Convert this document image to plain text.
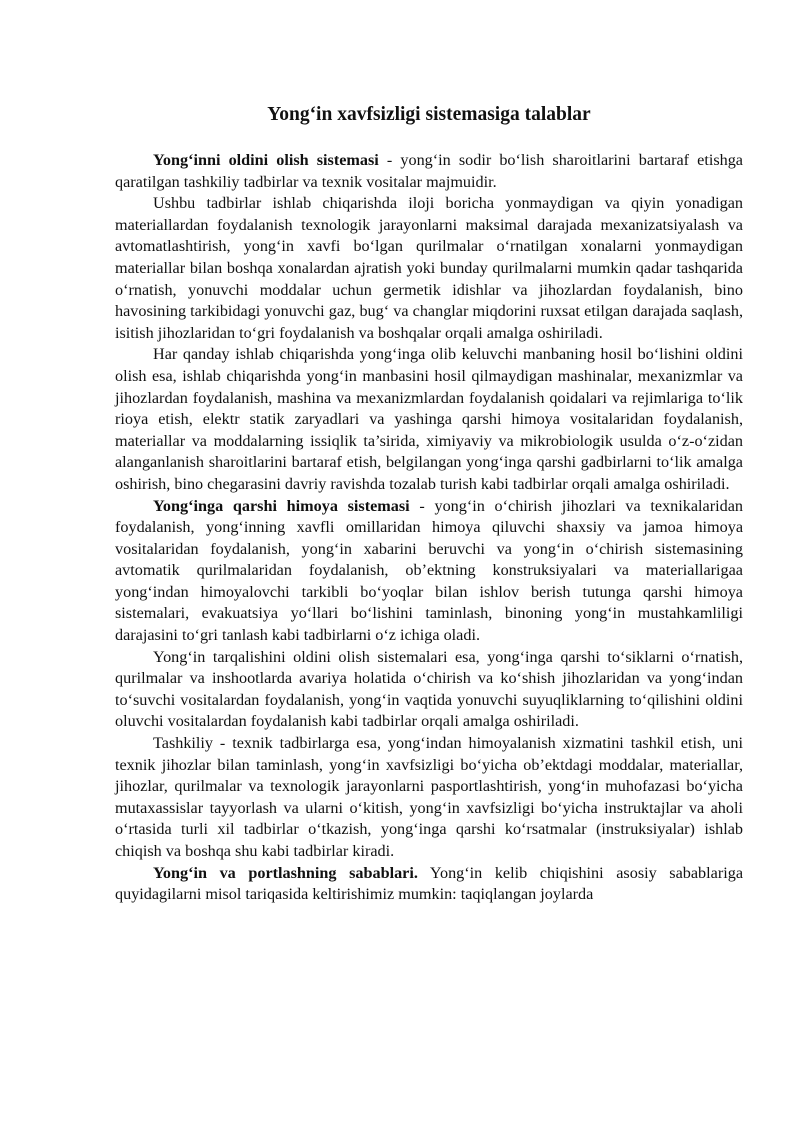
Yong‘in xavfsizligi sistemasiga talablar

Yong‘inni oldini olish sistemasi - yong‘in sodir bo‘lish sharoitlarini bartaraf etishga qaratilgan tashkiliy tadbirlar va texnik vositalar majmuidir.

Ushbu tadbirlar ishlab chiqarishda iloji boricha yonmaydigan va qiyin yonadigan materiallardan foydalanish texnologik jarayonlarni maksimal darajada mexanizatsiyalash va avtomatlashtirish, yong‘in xavfi bo‘lgan qurilmalar o‘rnatilgan xonalarni yonmaydigan materiallar bilan boshqa xonalardan ajratish yoki bunday qurilmalarni mumkin qadar tashqarida o‘rnatish, yonuvchi moddalar uchun germetik idishlar va jihozlardan foydalanish, bino havosining tarkibidagi yonuvchi gaz, bug‘ va changlar miqdorini ruxsat etilgan darajada saqlash, isitish jihozlaridan to‘gri foydalanish va boshqalar orqali amalga oshiriladi.

Har qanday ishlab chiqarishda yong‘inga olib keluvchi manbaning hosil bo‘lishini oldini olish esa, ishlab chiqarishda yong‘in manbasini hosil qilmaydigan mashinalar, mexanizmlar va jihozlardan foydalanish, mashina va mexanizmlardan foydalanish qoidalari va rejimlariga to‘lik rioya etish, elektr statik zaryadlari va yashinga qarshi himoya vositalaridan foydalanish, materiallar va moddalarning issiqlik ta’sirida, ximiyaviy va mikrobiologik usulda o‘z-o‘zidan alanganlanish sharoitlarini bartaraf etish, belgilangan yong‘inga qarshi gadbirlarni to‘lik amalga oshirish, bino chegarasini davriy ravishda tozalab turish kabi tadbirlar orqali amalga oshiriladi.

Yong‘inga qarshi himoya sistemasi - yong‘in o‘chirish jihozlari va texnikalaridan foydalanish, yong‘inning xavfli omillaridan himoya qiluvchi shaxsiy va jamoa himoya vositalaridan foydalanish, yong‘in xabarini beruvchi va yong‘in o‘chirish sistemasining avtomatik qurilmalaridan foydalanish, ob’ektning konstruksiyalari va materiallarigaa yong‘indan himoyalovchi tarkibli bo‘yoqlar bilan ishlov berish tutunga qarshi himoya sistemalari, evakuatsiya yo‘llari bo‘lishini taminlash, binoning yong‘in mustahkamliligi darajasini to‘gri tanlash kabi tadbirlarni o‘z ichiga oladi.

Yong‘in tarqalishini oldini olish sistemalari esa, yong‘inga qarshi to‘siklarni o‘rnatish, qurilmalar va inshootlarda avariya holatida o‘chirish va ko‘shish jihozlaridan va yong‘indan to‘suvchi vositalardan foydalanish, yong‘in vaqtida yonuvchi suyuqliklarning to‘qilishini oldini oluvchi vositalardan foydalanish kabi tadbirlar orqali amalga oshiriladi.

Tashkiliy - texnik tadbirlarga esa, yong‘indan himoyalanish xizmatini tashkil etish, uni texnik jihozlar bilan taminlash, yong‘in xavfsizligi bo‘yicha ob’ektdagi moddalar, materiallar, jihozlar, qurilmalar va texnologik jarayonlarni pasportlashtirish, yong‘in muhofazasi bo‘yicha mutaxassislar tayyorlash va ularni o‘kitish, yong‘in xavfsizligi bo‘yicha instruktajlar va aholi o‘rtasida turli xil tadbirlar o‘tkazish, yong‘inga qarshi ko‘rsatmalar (instruksiyalar) ishlab chiqish va boshqa shu kabi tadbirlar kiradi.

Yong‘in va portlashning sabablari. Yong‘in kelib chiqishini asosiy sabablariga quyidagilarni misol tariqasida keltirishimiz mumkin: taqiqlangan joylarda
